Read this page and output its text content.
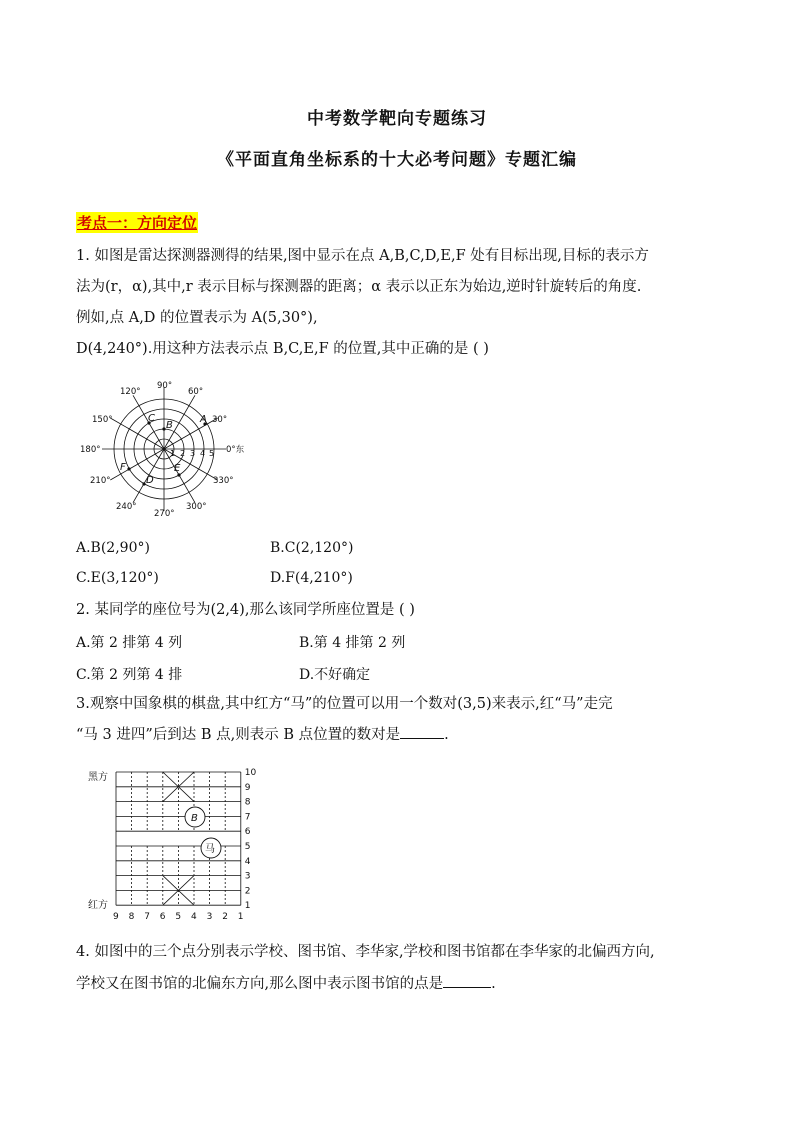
中考数学靶向专题练习
《平面直角坐标系的十大必考问题》专题汇编
考点一：方向定位
1. 如图是雷达探测器测得的结果,图中显示在点 A,B,C,D,E,F 处有目标出现,目标的表示方
法为(r，α),其中,r 表示目标与探测器的距离；α 表示以正东为始边,逆时针旋转后的角度.
例如,点 A,D 的位置表示为 A(5,30°),
D(4,240°).用这种方法表示点 B,C,E,F 的位置,其中正确的是 ( )
0°东
30°
60°
90°
120°
150°
180°
210°
240°
270°
300°
330°
1 2 3 4 5
A
B
C
D
E
F
A.B(2,90°)	B.C(2,120°)
C.E(3,120°)	D.F(4,210°)
2. 某同学的座位号为(2,4),那么该同学所座位置是 ( )
A.第 2 排第 4 列	B.第 4 排第 2 列
C.第 2 列第 4 排	D.不好确定
3.观察中国象棋的棋盘,其中红方“马”的位置可以用一个数对(3,5)来表示,红“马”走完
“马 3 进四”后到达 B 点,则表示 B 点位置的数对是	.
黑方
红方
10
9
8
7
6
5
4
3
2
1
9 8 7 6 5 4 3 2 1
B
马
4. 如图中的三个点分别表示学校、图书馆、李华家,学校和图书馆都在李华家的北偏西方向,
学校又在图书馆的北偏东方向,那么图中表示图书馆的点是	.
